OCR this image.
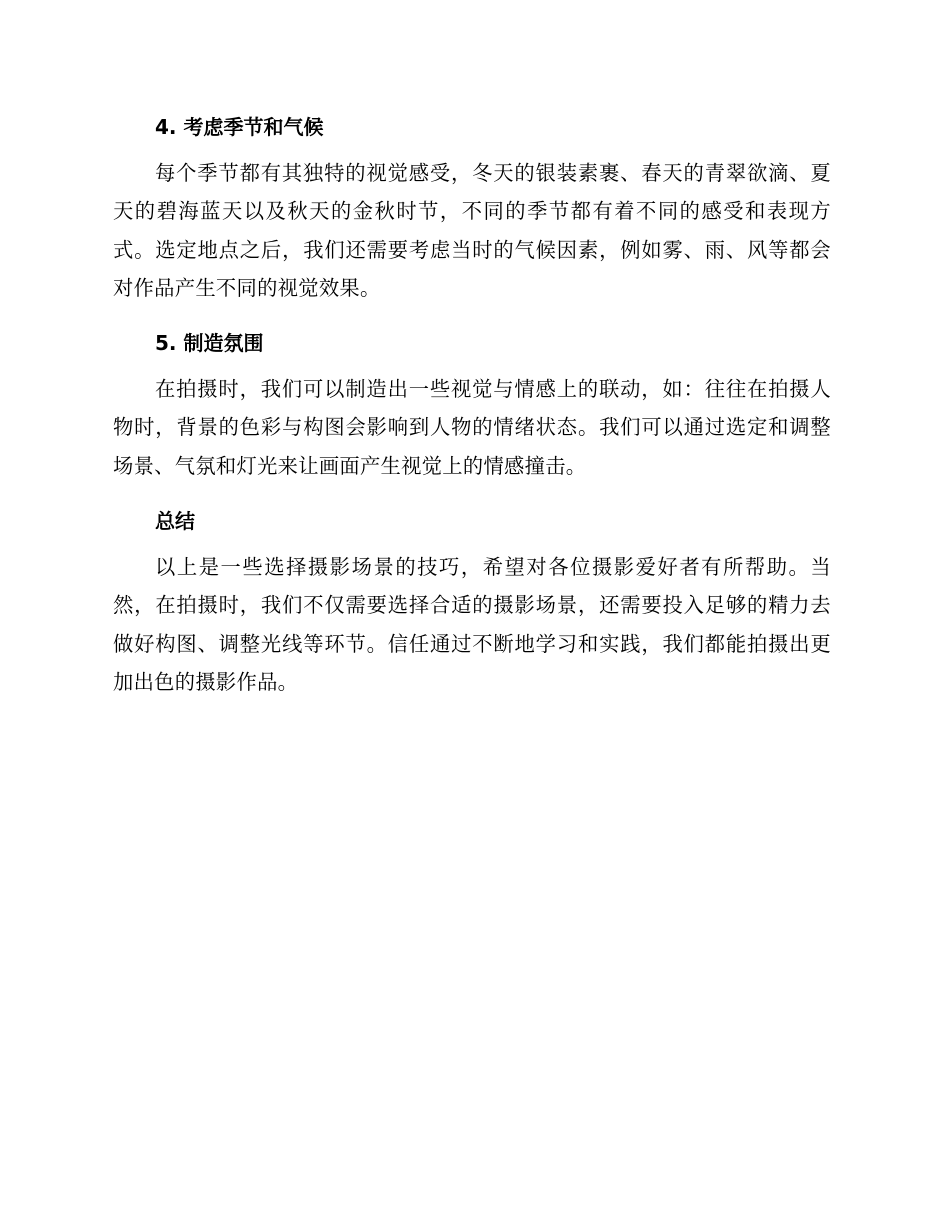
4. 考虑季节和气候

每个季节都有其独特的视觉感受，冬天的银装素裹、春天的青翠欲滴、夏天的碧海蓝天以及秋天的金秋时节，不同的季节都有着不同的感受和表现方式。选定地点之后，我们还需要考虑当时的气候因素，例如雾、雨、风等都会对作品产生不同的视觉效果。

5. 制造氛围

在拍摄时，我们可以制造出一些视觉与情感上的联动，如：往往在拍摄人物时，背景的色彩与构图会影响到人物的情绪状态。我们可以通过选定和调整场景、气氛和灯光来让画面产生视觉上的情感撞击。

总结

以上是一些选择摄影场景的技巧，希望对各位摄影爱好者有所帮助。当然，在拍摄时，我们不仅需要选择合适的摄影场景，还需要投入足够的精力去做好构图、调整光线等环节。信任通过不断地学习和实践，我们都能拍摄出更加出色的摄影作品。
